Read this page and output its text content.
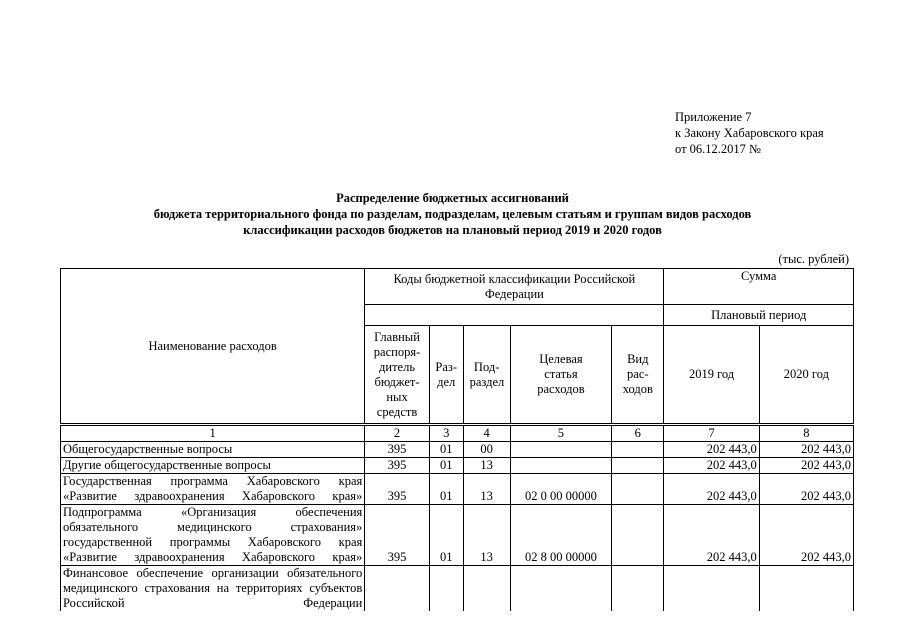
Приложение 7
к Закону Хабаровского края
от 06.12.2017 №
Распределение бюджетных ассигнований
бюджета территориального фонда по разделам, подразделам, целевым статьям и группам видов расходов
классификации расходов бюджетов на плановый период 2019 и 2020 годов
(тыс. рублей)
Наименование расходов	Коды бюджетной классификации Российской Федерации					Сумма	
						Плановый период	
	Главный распоря-дитель бюджет-ных средств	Раз-дел	Под-раздел	Целевая статья расходов	Вид рас-ходов	2019 год	2020 год
1	2	3	4	5	6	7	8
Общегосударственные вопросы	395	01	00			202 443,0	202 443,0
Другие общегосударственные вопросы	395	01	13			202 443,0	202 443,0
Государственная программа Хабаровского края «Развитие здравоохранения Хабаровского края»	395	01	13	02 0 00 00000		202 443,0	202 443,0
Подпрограмма «Организация обеспечения обязательного медицинского страхования» государственной программы Хабаровского края «Развитие здравоохранения Хабаровского края»	395	01	13	02 8 00 00000		202 443,0	202 443,0
Финансовое обеспечение организации обязательного медицинского страхования на территориях субъектов Российской Федерации							
